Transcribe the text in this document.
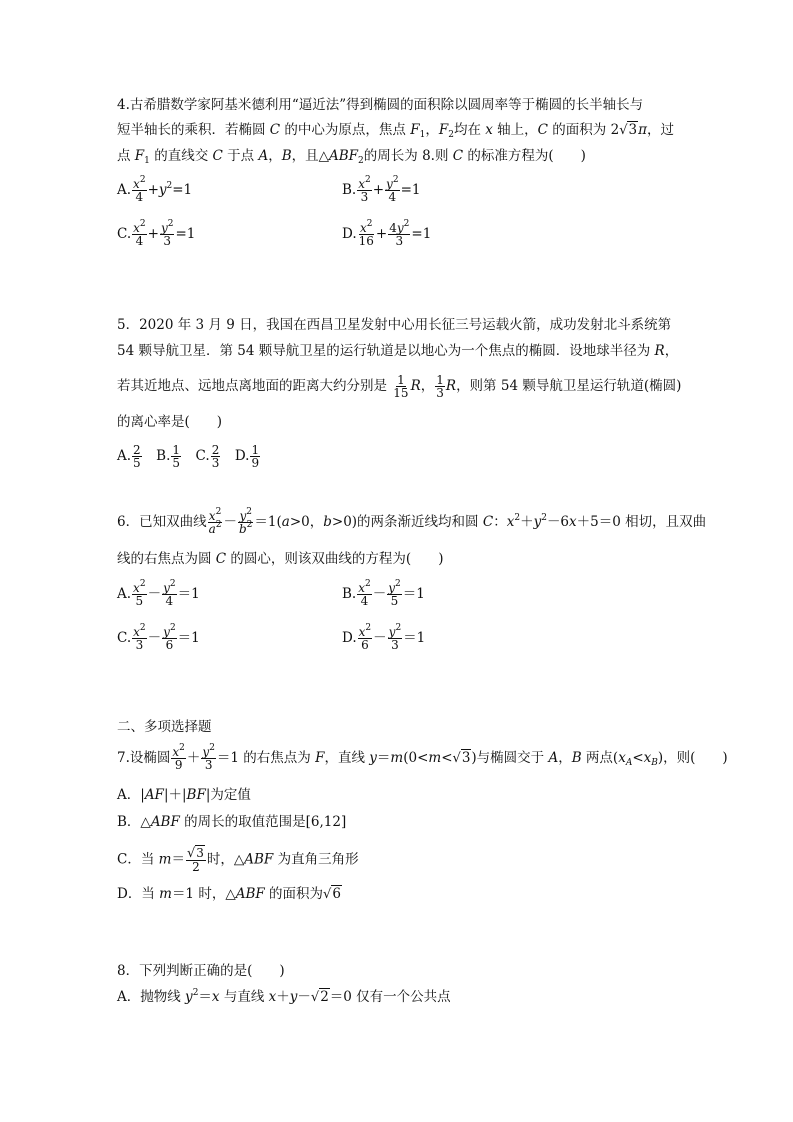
4.古希腊数学家阿基米德利用“逼近法”得到椭圆的面积除以圆周率等于椭圆的长半轴长与
短半轴长的乘积．若椭圆 C 的中心为原点，焦点 $F_1$，$F_2$均在 x 轴上，C 的面积为 2√3π，过
点 $F_1$ 的直线交 C 于点 A，B，且$\triangle ABF_2$的周长为 8.则 C 的标准方程为(　　)
A. $\frac{x^2}{4} +y^2=1$	B. $\frac{x^2}{3} + \frac{y^2}{4} =1$
C. $\frac{x^2}{4} + \frac{y^2}{3} =1$	D. $\frac{x^2}{16} + \frac{4y^2}{3} =1$
5．2020 年 3 月 9 日，我国在西昌卫星发射中心用长征三号运载火箭，成功发射北斗系统第
54 颗导航卫星．第 54 颗导航卫星的运行轨道是以地心为一个焦点的椭圆．设地球半径为 R，
若其近地点、远地点离地面的距离大约分别是 $\frac{1}{15}$ R， $\frac{1}{3}$ R，则第 54 颗导航卫星运行轨道(椭圆)
的离心率是(　　)
A. $\frac{2}{5}$ 　B. $\frac{1}{5}$ 　C. $\frac{2}{3}$ 　D. $\frac{1}{9}$
6．已知双曲线 $\frac{x^2}{a^2} - \frac{y^2}{b^2} =1(a>0$，b>0)的两条渐近线均和圆 C：$x^2+y^2-6x+5=0$ 相切，且双曲
线的右焦点为圆 C 的圆心，则该双曲线的方程为(　　)
A. $\frac{x^2}{5} - \frac{y^2}{4} =1$	B. $\frac{x^2}{4} - \frac{y^2}{5} =1$
C. $\frac{x^2}{3} - \frac{y^2}{6} =1$	D. $\frac{x^2}{6} - \frac{y^2}{3} =1$
二、多项选择题
7.设椭圆 $\frac{x^2}{9} + \frac{y^2}{3} =1$ 的右焦点为 F，直线 y＝m(0<m<√3)与椭圆交于 A，B 两点$(x_A<x_B)$，则(　　)
A．|AF|＋|BF|为定值
B．△ABF 的周长的取值范围是[6,12]
C．当 $m= \frac{√3}{2}$ 时，△ABF 为直角三角形
D．当 m＝1 时，△ABF 的面积为√6
8．下列判断正确的是(　　)
A．抛物线 $y^2=x$ 与直线 x＋y－√2＝0 仅有一个公共点
